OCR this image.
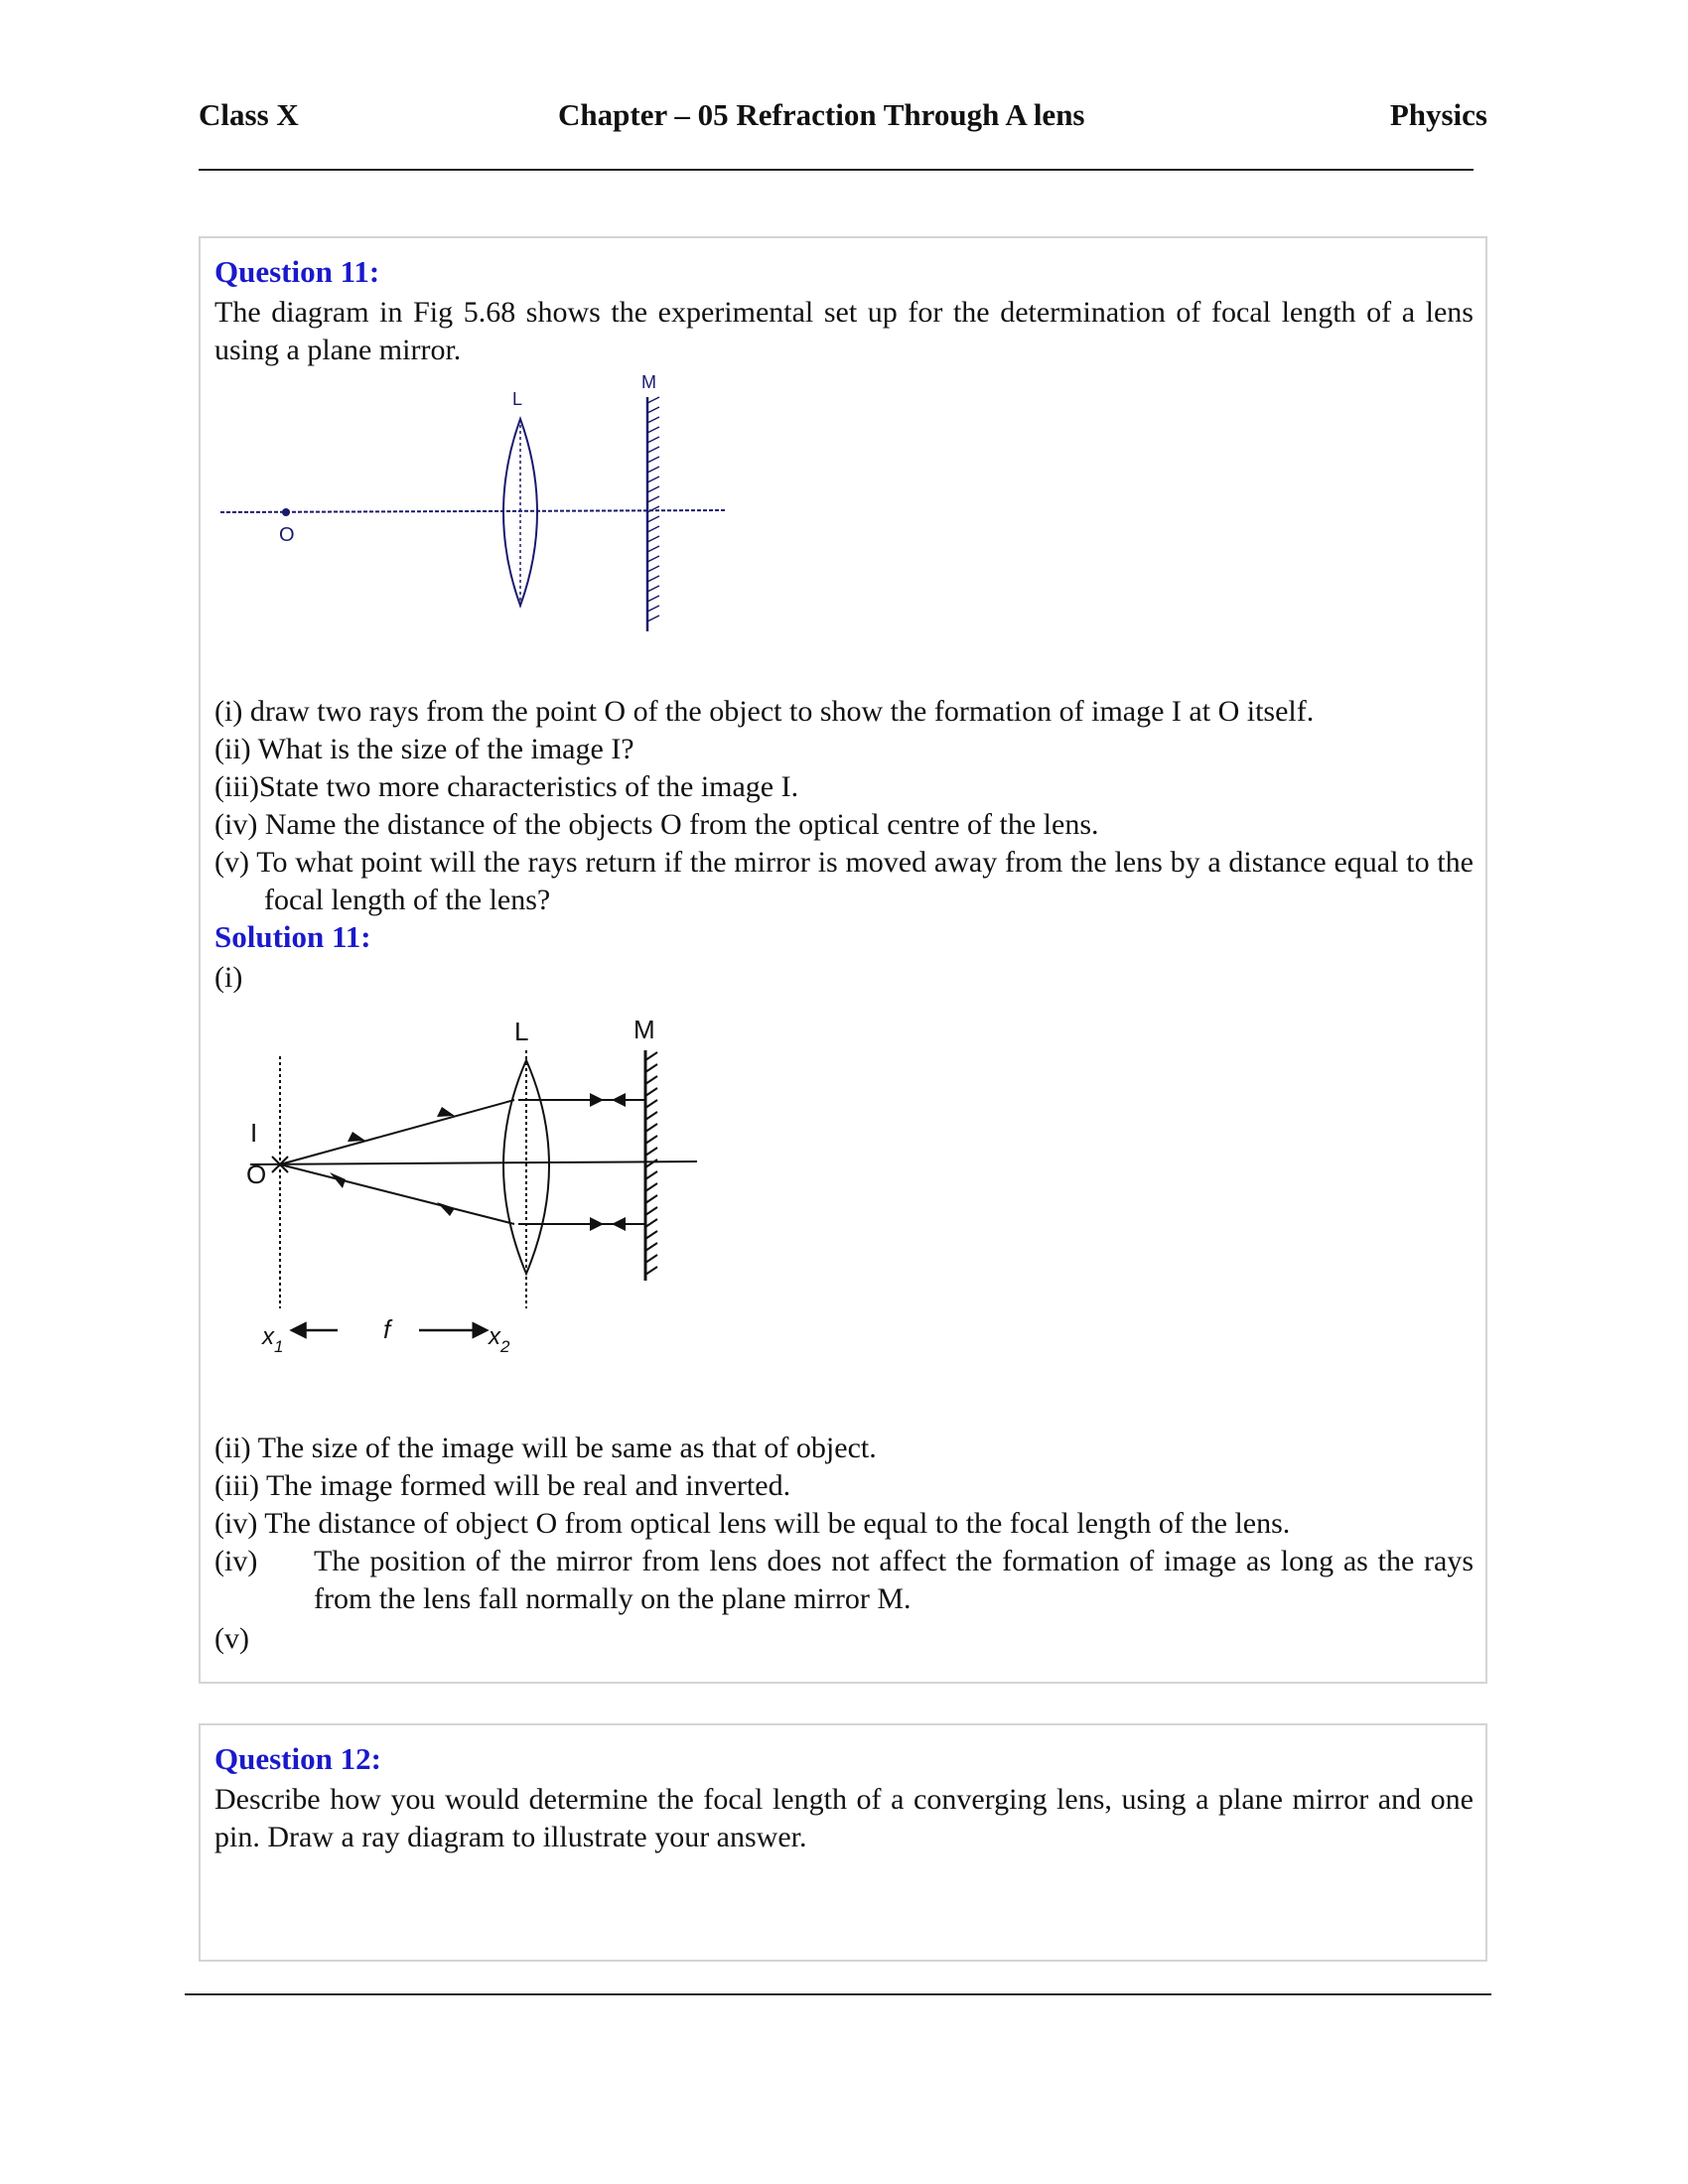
Class X	Chapter – 05 Refraction Through A lens	Physics
Question 11:
The diagram in Fig 5.68 shows the experimental set up for the determination of focal length of a lens using a plane mirror.
O
L
M
(i) draw two rays from the point O of the object to show the formation of image I at O itself.
(ii) What is the size of the image I?
(iii)State two more characteristics of the image I.
(iv) Name the distance of the objects O from the optical centre of the lens.
(v) To what point will the rays return if the mirror is moved away from the lens by a distance equal to the focal length of the lens?
Solution 11:
(i)
L	M
I
O
$x_1$
f	$x_2$
(ii) The size of the image will be same as that of object.
(iii) The image formed will be real and inverted.
(iv) The distance of object O from optical lens will be equal to the focal length of the lens.
(iv) The position of the mirror from lens does not affect the formation of image as long as the rays from the lens fall normally on the plane mirror M.
(v)
Question 12:
Describe how you would determine the focal length of a converging lens, using a plane mirror and one pin. Draw a ray diagram to illustrate your answer.
